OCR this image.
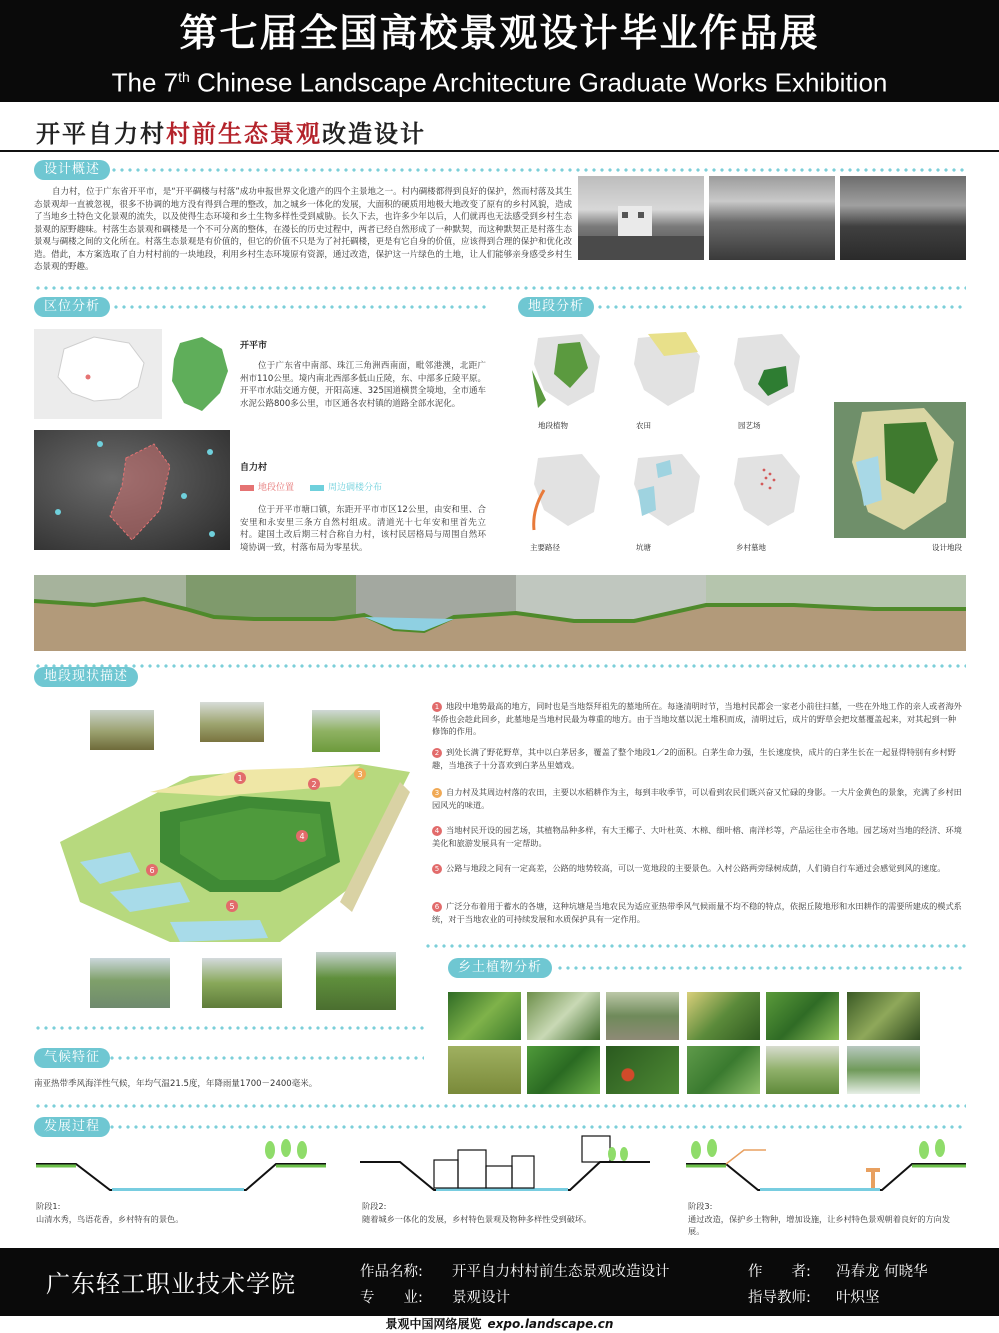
第七届全国高校景观设计毕业作品展
The 7th Chinese Landscape Architecture Graduate Works Exhibition
开平自力村村前生态景观改造设计
设计概述
自力村，位于广东省开平市，是“开平碉楼与村落”成功申报世界文化遗产的四个主景地之一。村内碉楼都得到良好的保护，然而村落及其生态景观却一直被忽视，很多不协调的地方没有得到合理的整改，加之城乡一体化的发展，大面积的硬质用地极大地改变了原有的乡村风貌，造成了当地乡土特色文化景观的流失，以及使得生态环境和乡土生物多样性受到威胁。长久下去，也许多少年以后，人们就再也无法感受到乡村生态景观的原野趣味。村落生态景观和碉楼是一个不可分离的整体，在漫长的历史过程中，两者已经自然形成了一种默契，而这种默契正是村落生态景观与碉楼之间的文化所在。村落生态景观是有价值的，但它的价值不只是为了衬托碉楼，更是有它自身的价值，应该得到合理的保护和优化改造。借此，本方案选取了自力村村前的一块地段，利用乡村生态环境原有资源，通过改造，保护这一片绿色的土地，让人们能够亲身感受乡村生态景观的野趣。
区位分析
开平市
位于广东省中南部、珠江三角洲西南面，毗邻港澳，北距广州市110公里。境内南北西部多低山丘陵，东、中部多丘陵平原。开平市水陆交通方便，开阳高速、325国道横贯全境地，全市通车水泥公路800多公里，市区通各农村镇的道路全部水泥化。
自力村
地段位置	周边碉楼分布
位于开平市塘口镇，东距开平市市区12公里，由安和里、合安里和永安里三条方自然村组成。清道光十七年安和里首先立村。建国土改后期三村合称自力村，该村民居格局与周围自然环境协调一致，村落布局为零星状。
地段分析
地段植物	农田	园艺场
主要路径	坑塘	乡村墓地	设计地段
地段现状描述
1
2
3
4
5
6
1 地段中地势最高的地方，同时也是当地祭拜祖先的墓地所在。每逢清明时节，当地村民都会一家老小前往扫墓，一些在外地工作的亲人或者海外华侨也会趁此回乡，此墓地是当地村民最为尊重的地方。由于当地坟墓以泥土堆积而成，清明过后，成片的野草会把坟墓覆盖起来，对其起到一种修饰的作用。
2 到处长满了野花野草，其中以白茅居多，覆盖了整个地段1／2的面积。白茅生命力强，生长速度快，成片的白茅生长在一起显得特别有乡村野趣，当地孩子十分喜欢到白茅丛里嬉戏。
3 自力村及其周边村落的农田，主要以水稻耕作为主，每到丰收季节，可以看到农民们既兴奋又忙碌的身影。一大片金黄色的景象，充满了乡村田园风光的味道。
4 当地村民开设的园艺场，其植物品种多样，有大王椰子、大叶杜英、木棉、细叶榕、南洋杉等，产品运往全市各地。园艺场对当地的经济、环境美化和旅游发展具有一定帮助。
5 公路与地段之间有一定高差，公路的地势较高，可以一览地段的主要景色。入村公路两旁绿树成荫，人们骑自行车通过会感觉到风的速度。
6 广泛分布着用于蓄水的各塘，这种坑塘是当地农民为适应亚热带季风气候雨量不均不稳的特点，依据丘陵地形和水田耕作的需要所建成的模式系统，对于当地农业的可持续发展和水质保护具有一定作用。
乡土植物分析
气候特征
南亚热带季风海洋性气候，年均气温21.5度，年降雨量1700－2400毫米。
发展过程
阶段1:
山清水秀，鸟语花香，乡村特有的景色。
阶段2:
随着城乡一体化的发展，乡村特色景观及物种多样性受到破坏。
阶段3:
通过改造，保护乡土物种，增加设施，让乡村特色景观朝着良好的方向发展。
广东轻工职业技术学院	作品名称: 开平自力村村前生态景观改造设计	作　　者: 冯春龙 何晓华
专　　业: 景观设计	指导教师: 叶炽坚
景观中国网络展览 expo.landscape.cn
